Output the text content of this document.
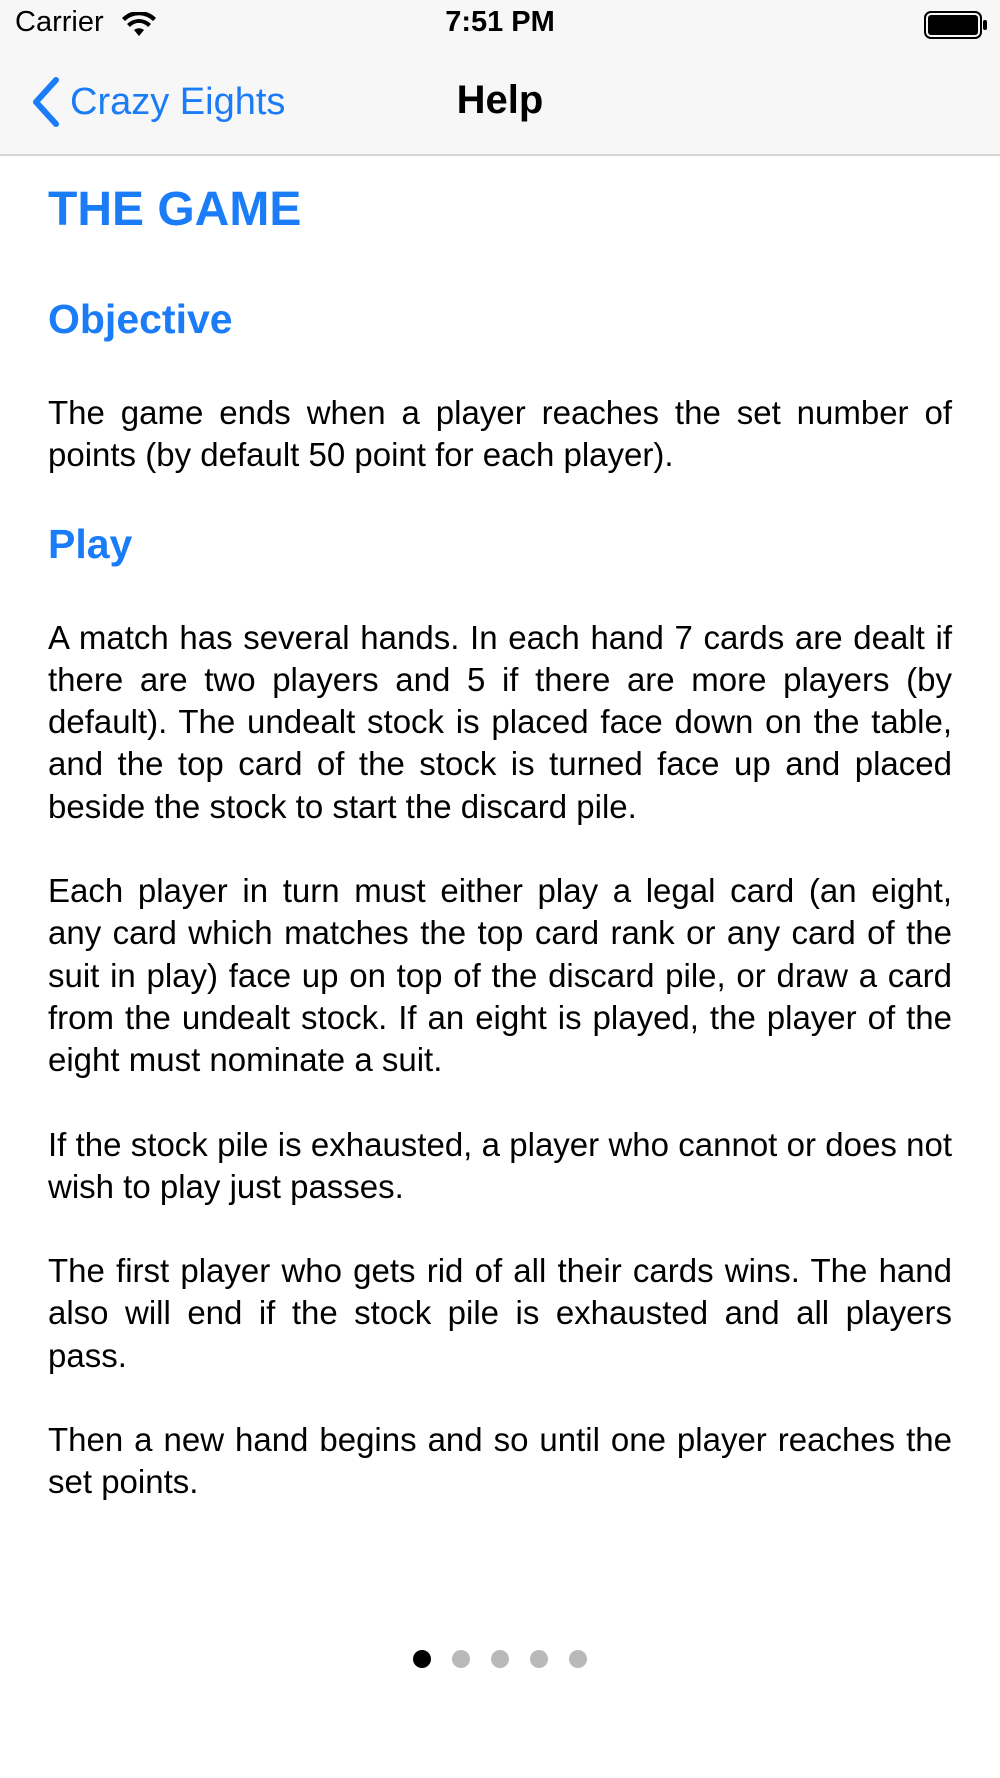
Carrier	7:51 PM
Crazy Eights	Help
THE GAME
Objective

The game ends when a player reaches the set number of points (by default 50 point for each player).

Play

A match has several hands. In each hand 7 cards are dealt if there are two players and 5 if there are more players (by default). The undealt stock is placed face down on the table, and the top card of the stock is turned face up and placed beside the stock to start the discard pile.

Each player in turn must either play a legal card (an eight, any card which matches the top card rank or any card of the suit in play) face up on top of the discard pile, or draw a card from the undealt stock. If an eight is played, the player of the eight must nominate a suit.

If the stock pile is exhausted, a player who cannot or does not wish to play just passes.

The first player who gets rid of all their cards wins. The hand also will end if the stock pile is exhausted and all players pass.

Then a new hand begins and so until one player reaches the set points.
